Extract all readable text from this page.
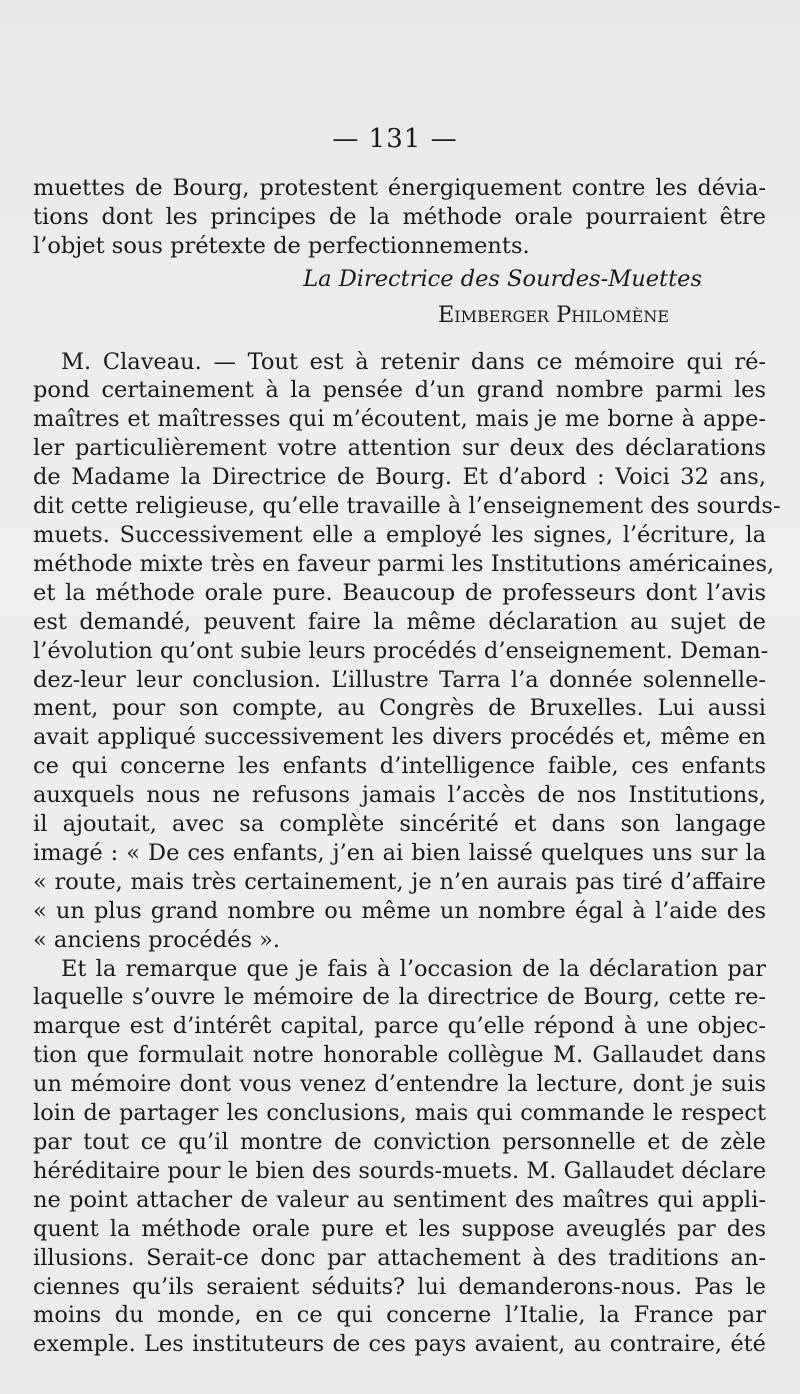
— 131 —
muettes de Bourg, protestent énergiquement contre les dévia-
tions dont les principes de la méthode orale pourraient être
l’objet sous prétexte de perfectionnements.
La Directrice des Sourdes-Muettes
Eimberger Philomène
M. Claveau. — Tout est à retenir dans ce mémoire qui ré-
pond certainement à la pensée d’un grand nombre parmi les
maîtres et maîtresses qui m’écoutent, mais je me borne à appe-
ler particulièrement votre attention sur deux des déclarations
de Madame la Directrice de Bourg. Et d’abord : Voici 32 ans,
dit cette religieuse, qu’elle travaille à l’enseignement des sourds-
muets. Successivement elle a employé les signes, l’écriture, la
méthode mixte très en faveur parmi les Institutions américaines,
et la méthode orale pure. Beaucoup de professeurs dont l’avis
est demandé, peuvent faire la même déclaration au sujet de
l’évolution qu’ont subie leurs procédés d’enseignement. Deman-
dez-leur leur conclusion. L’illustre Tarra l’a donnée solennelle-
ment, pour son compte, au Congrès de Bruxelles. Lui aussi
avait appliqué successivement les divers procédés et, même en
ce qui concerne les enfants d’intelligence faible, ces enfants
auxquels nous ne refusons jamais l’accès de nos Institutions,
il ajoutait, avec sa complète sincérité et dans son langage
imagé : « De ces enfants, j’en ai bien laissé quelques uns sur la
« route, mais très certainement, je n’en aurais pas tiré d’affaire
« un plus grand nombre ou même un nombre égal à l’aide des
« anciens procédés ».
Et la remarque que je fais à l’occasion de la déclaration par
laquelle s’ouvre le mémoire de la directrice de Bourg, cette re-
marque est d’intérêt capital, parce qu’elle répond à une objec-
tion que formulait notre honorable collègue M. Gallaudet dans
un mémoire dont vous venez d’entendre la lecture, dont je suis
loin de partager les conclusions, mais qui commande le respect
par tout ce qu’il montre de conviction personnelle et de zèle
héréditaire pour le bien des sourds-muets. M. Gallaudet déclare
ne point attacher de valeur au sentiment des maîtres qui appli-
quent la méthode orale pure et les suppose aveuglés par des
illusions. Serait-ce donc par attachement à des traditions an-
ciennes qu’ils seraient séduits? lui demanderons-nous. Pas le
moins du monde, en ce qui concerne l’Italie, la France par
exemple. Les instituteurs de ces pays avaient, au contraire, été
